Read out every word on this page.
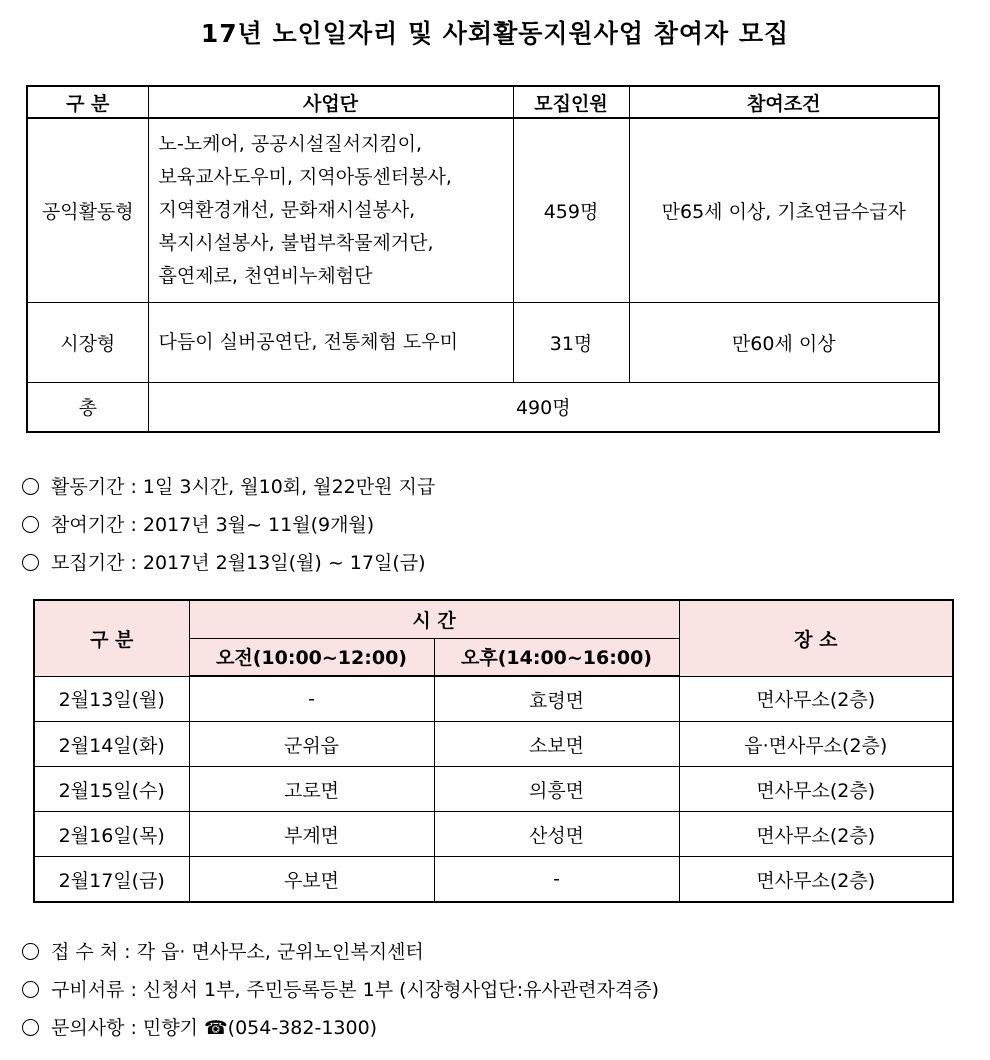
17년 노인일자리 및 사회활동지원사업 참여자 모집
구 분	사업단	모집인원	참여조건
공익활동형	노-노케어, 공공시설질서지킴이,
보육교사도우미, 지역아동센터봉사,
지역환경개선, 문화재시설봉사,
복지시설봉사, 불법부착물제거단,
흡연제로, 천연비누체험단	459명	만65세 이상, 기초연금수급자
시장형	다듬이 실버공연단, 전통체험 도우미	31명	만60세 이상
총	490명		
활동기간 : 1일 3시간, 월10회, 월22만원 지급
참여기간 : 2017년 3월~ 11월(9개월)
모집기간 : 2017년 2월13일(월) ~ 17일(금)
구 분	시 간		장 소
	오전(10:00~12:00)	오후(14:00~16:00)	
2월13일(월)	-	효령면	면사무소(2층)
2월14일(화)	군위읍	소보면	읍·면사무소(2층)
2월15일(수)	고로면	의흥면	면사무소(2층)
2월16일(목)	부계면	산성면	면사무소(2층)
2월17일(금)	우보면	-	면사무소(2층)
접 수 처 : 각 읍· 면사무소, 군위노인복지센터
구비서류 : 신청서 1부, 주민등록등본 1부 (시장형사업단:유사관련자격증)
문의사항 : 민향기 ☎(054-382-1300)
